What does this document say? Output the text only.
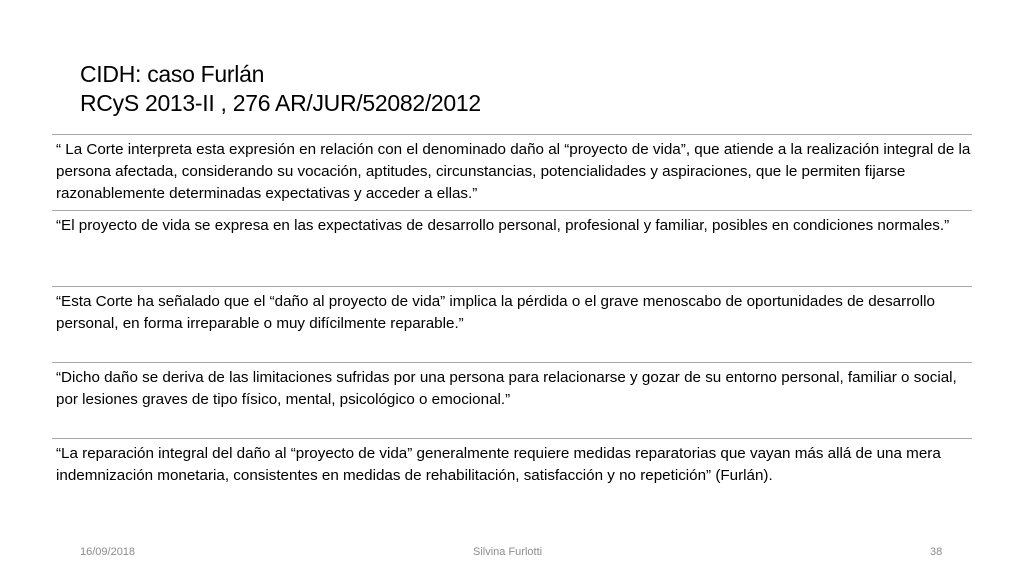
CIDH: caso Furlán
RCyS 2013-II , 276 AR/JUR/52082/2012

“ La Corte interpreta esta expresión en relación con el denominado daño al “proyecto de vida”, que atiende a la realización integral de la persona afectada, considerando su vocación, aptitudes, circunstancias, potencialidades y aspiraciones, que le permiten fijarse razonablemente determinadas expectativas y acceder a ellas.”

“El proyecto de vida se expresa en las expectativas de desarrollo personal, profesional y familiar, posibles en condiciones normales.”

“Esta Corte ha señalado que el “daño al proyecto de vida” implica la pérdida o el grave menoscabo de oportunidades de desarrollo personal, en forma irreparable o muy difícilmente reparable.”

“Dicho daño se deriva de las limitaciones sufridas por una persona para relacionarse y gozar de su entorno personal, familiar o social, por lesiones graves de tipo físico, mental, psicológico o emocional.”

“La reparación integral del daño al “proyecto de vida” generalmente requiere medidas reparatorias que vayan más allá de una mera indemnización monetaria, consistentes en medidas de rehabilitación, satisfacción y no repetición” (Furlán).

16/09/2018	Silvina Furlotti	38
